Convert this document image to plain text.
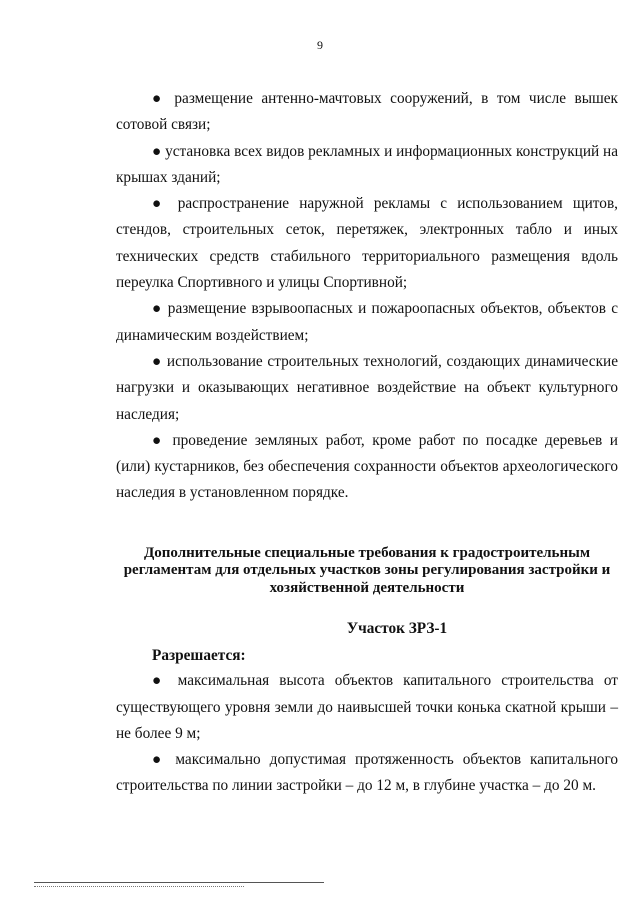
9

● размещение антенно-мачтовых сооружений, в том числе вышек сотовой связи;

● установка всех видов рекламных и информационных конструкций на крышах зданий;

● распространение наружной рекламы с использованием щитов, стендов, строительных сеток, перетяжек, электронных табло и иных технических средств стабильного территориального размещения вдоль переулка Спортивного и улицы Спортивной;

● размещение взрывоопасных и пожароопасных объектов, объектов с динамическим воздействием;

● использование строительных технологий, создающих динамические нагрузки и оказывающих негативное воздействие на объект культурного наследия;

● проведение земляных работ, кроме работ по посадке деревьев и (или) кустарников, без обеспечения сохранности объектов археологического наследия в установленном порядке.

Дополнительные специальные требования к градостроительным регламентам для отдельных участков зоны регулирования застройки и хозяйственной деятельности
Участок ЗРЗ-1

Разрешается:

● максимальная высота объектов капитального строительства от существующего уровня земли до наивысшей точки конька скатной крыши – не более 9 м;

● максимально допустимая протяженность объектов капитального строительства по линии застройки – до 12 м, в глубине участка – до 20 м.
